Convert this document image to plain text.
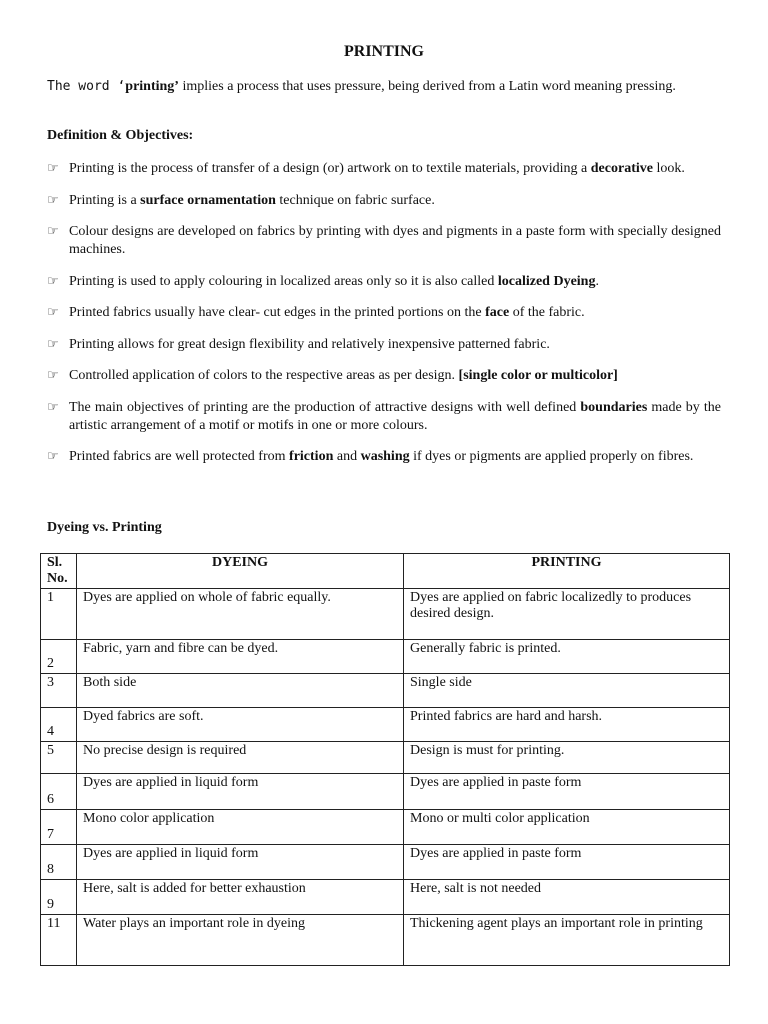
PRINTING
The word ‘printing’ implies a process that uses pressure, being derived from a Latin word meaning pressing.
Definition & Objectives:
☞ Printing is the process of transfer of a design (or) artwork on to textile materials, providing a decorative look.
☞ Printing is a surface ornamentation technique on fabric surface.
☞ Colour designs are developed on fabrics by printing with dyes and pigments in a paste form with specially designed machines.
☞ Printing is used to apply colouring in localized areas only so it is also called localized Dyeing.
☞ Printed fabrics usually have clear- cut edges in the printed portions on the face of the fabric.
☞ Printing allows for great design flexibility and relatively inexpensive patterned fabric.
☞ Controlled application of colors to the respective areas as per design. [single color or multicolor]
☞ The main objectives of printing are the production of attractive designs with well defined boundaries made by the artistic arrangement of a motif or motifs in one or more colours.
☞ Printed fabrics are well protected from friction and washing if dyes or pigments are applied properly on fibres.
Dyeing vs. Printing
Sl. No.	DYEING	PRINTING
1	Dyes are applied on whole of fabric equally.	Dyes are applied on fabric localizedly to produces desired design.
2	Fabric, yarn and fibre can be dyed.	Generally fabric is printed.
3	Both side	Single side
4	Dyed fabrics are soft.	Printed fabrics are hard and harsh.
5	No precise design is required	Design is must for printing.
6	Dyes are applied in liquid form	Dyes are applied in paste form
7	Mono color application	Mono or multi color application
8	Dyes are applied in liquid form	Dyes are applied in paste form
9	Here, salt is added for better exhaustion	Here, salt is not needed
11	Water plays an important role in dyeing	Thickening agent plays an important role in printing
